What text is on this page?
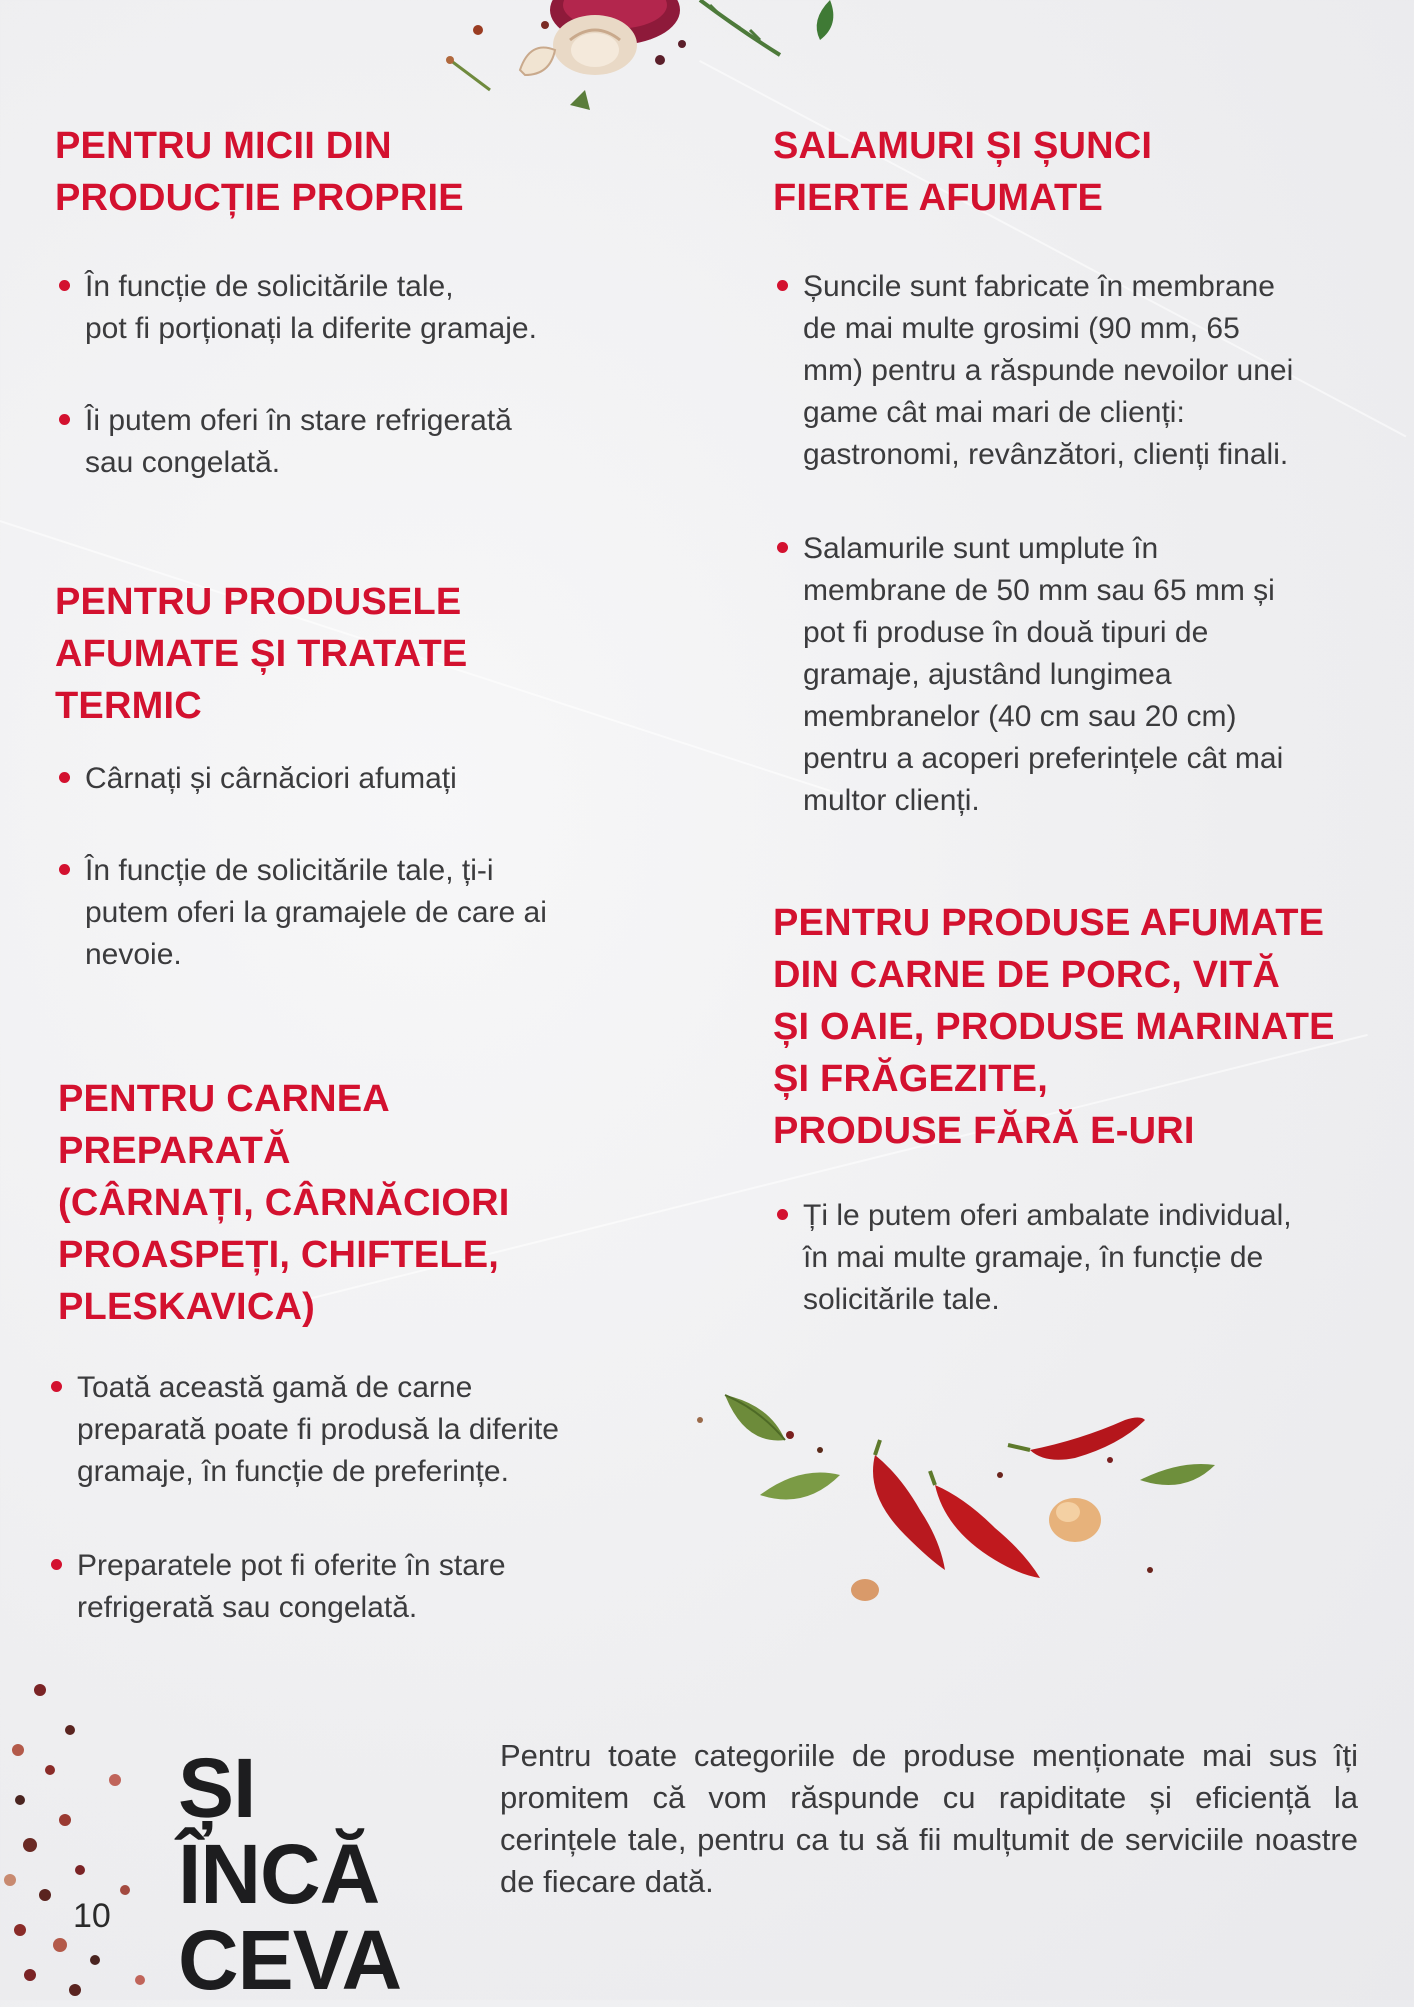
PENTRU MICII DIN
PRODUCȚIE PROPRIE
În funcție de solicitările tale,
pot fi porționați la diferite gramaje.
Îi putem oferi în stare refrigerată
sau congelată.
PENTRU PRODUSELE
AFUMATE ȘI TRATATE
TERMIC
Cârnați și cârnăciori afumați
În funcție de solicitările tale, ți-i
putem oferi la gramajele de care ai
nevoie.
PENTRU CARNEA
PREPARATĂ
(CÂRNAȚI, CÂRNĂCIORI
PROASPEȚI, CHIFTELE,
PLESKAVICA)
Toată această gamă de carne
preparată poate fi produsă la diferite
gramaje, în funcție de preferințe.
Preparatele pot fi oferite în stare
refrigerată sau congelată.
SALAMURI ȘI ȘUNCI
FIERTE AFUMATE
Șuncile sunt fabricate în membrane
de mai multe grosimi (90 mm, 65
mm) pentru a răspunde nevoilor unei
game cât mai mari de clienți:
gastronomi, revânzători, clienți finali.
Salamurile sunt umplute în
membrane de 50 mm sau 65 mm și
pot fi produse în două tipuri de
gramaje, ajustând lungimea
membranelor (40 cm sau 20 cm)
pentru a acoperi preferințele cât mai
multor clienți.
PENTRU PRODUSE AFUMATE
DIN CARNE DE PORC, VITĂ
ȘI OAIE, PRODUSE MARINATE
ȘI FRĂGEZITE,
PRODUSE FĂRĂ E-URI
Ți le putem oferi ambalate individual,
în mai multe gramaje, în funcție de
solicitările tale.
ȘI ÎNCĂ
CEVA
Pentru toate categoriile de produse menționate mai sus îți promitem că vom răspunde cu rapiditate și eficiență la cerințele tale, pentru ca tu să fii mulțumit de serviciile noastre de fiecare dată.
10
